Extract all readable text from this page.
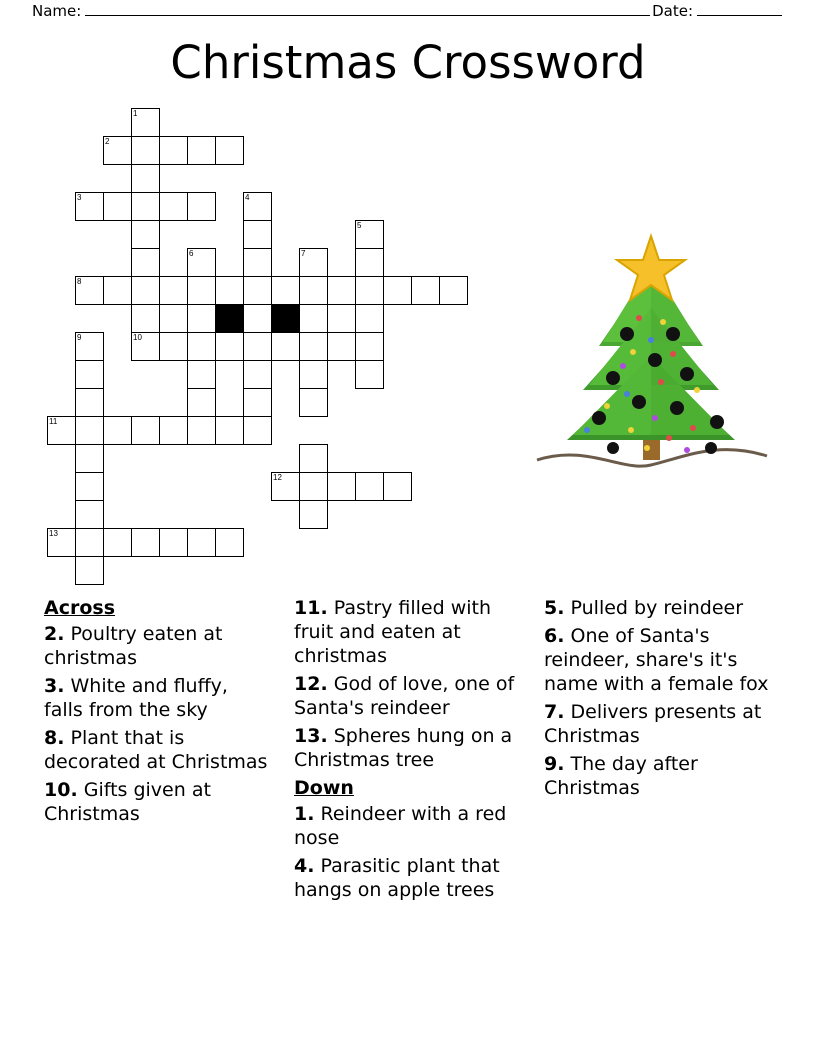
Name:	Date:
Christmas Crossword
1
2
3	4
5
6	7
8
9	10
11
12
13
Across

2. Poultry eaten at christmas

3. White and fluffy, falls from the sky

8. Plant that is decorated at Christmas

10. Gifts given at Christmas

11. Pastry filled with fruit and eaten at christmas

12. God of love, one of Santa's reindeer

13. Spheres hung on a Christmas tree

Down

1. Reindeer with a red nose

4. Parasitic plant that hangs on apple trees

5. Pulled by reindeer

6. One of Santa's reindeer, share's it's name with a female fox

7. Delivers presents at Christmas

9. The day after Christmas
